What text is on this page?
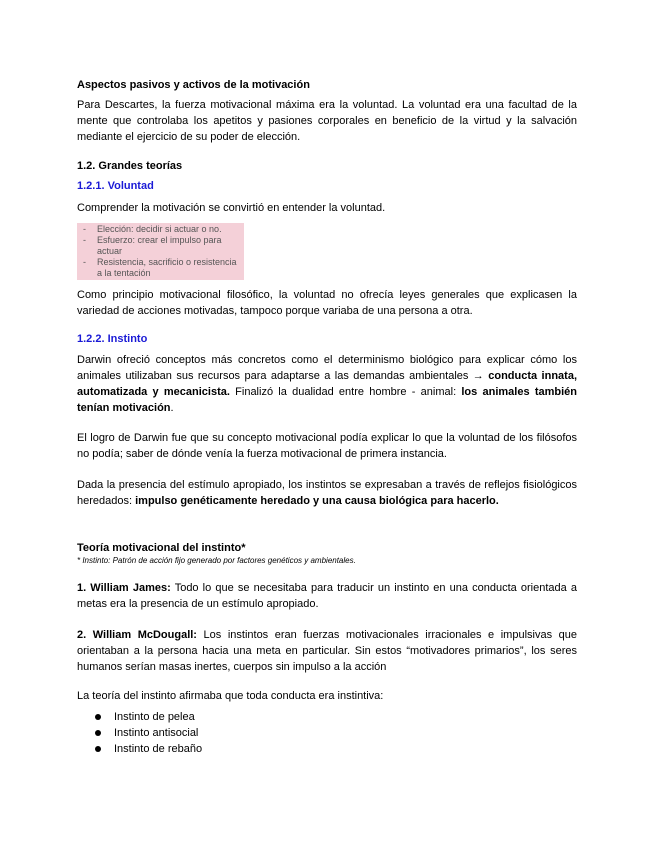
Aspectos pasivos y activos de la motivación

Para Descartes, la fuerza motivacional máxima era la voluntad. La voluntad era una facultad de la mente que controlaba los apetitos y pasiones corporales en beneficio de la virtud y la salvación mediante el ejercicio de su poder de elección.

1.2. Grandes teorías

1.2.1. Voluntad

Comprender la motivación se convirtió en entender la voluntad.

- Elección: decidir si actuar o no.
- Esfuerzo: crear el impulso para actuar
- Resistencia, sacrificio o resistencia a la tentación

Como principio motivacional filosófico, la voluntad no ofrecía leyes generales que explicasen la variedad de acciones motivadas, tampoco porque variaba de una persona a otra.

1.2.2. Instinto

Darwin ofreció conceptos más concretos como el determinismo biológico para explicar cómo los animales utilizaban sus recursos para adaptarse a las demandas ambientales → conducta innata, automatizada y mecanicista. Finalizó la dualidad entre hombre - animal: los animales también tenían motivación.

El logro de Darwin fue que su concepto motivacional podía explicar lo que la voluntad de los filósofos no podía; saber de dónde venía la fuerza motivacional de primera instancia.

Dada la presencia del estímulo apropiado, los instintos se expresaban a través de reflejos fisiológicos heredados: impulso genéticamente heredado y una causa biológica para hacerlo.

Teoría motivacional del instinto*

* Instinto: Patrón de acción fijo generado por factores genéticos y ambientales.

1. William James: Todo lo que se necesitaba para traducir un instinto en una conducta orientada a metas era la presencia de un estímulo apropiado.

2. William McDougall: Los instintos eran fuerzas motivacionales irracionales e impulsivas que orientaban a la persona hacia una meta en particular. Sin estos “motivadores primarios”, los seres humanos serían masas inertes, cuerpos sin impulso a la acción

La teoría del instinto afirmaba que toda conducta era instintiva:

Instinto de pelea
Instinto antisocial
Instinto de rebaño
